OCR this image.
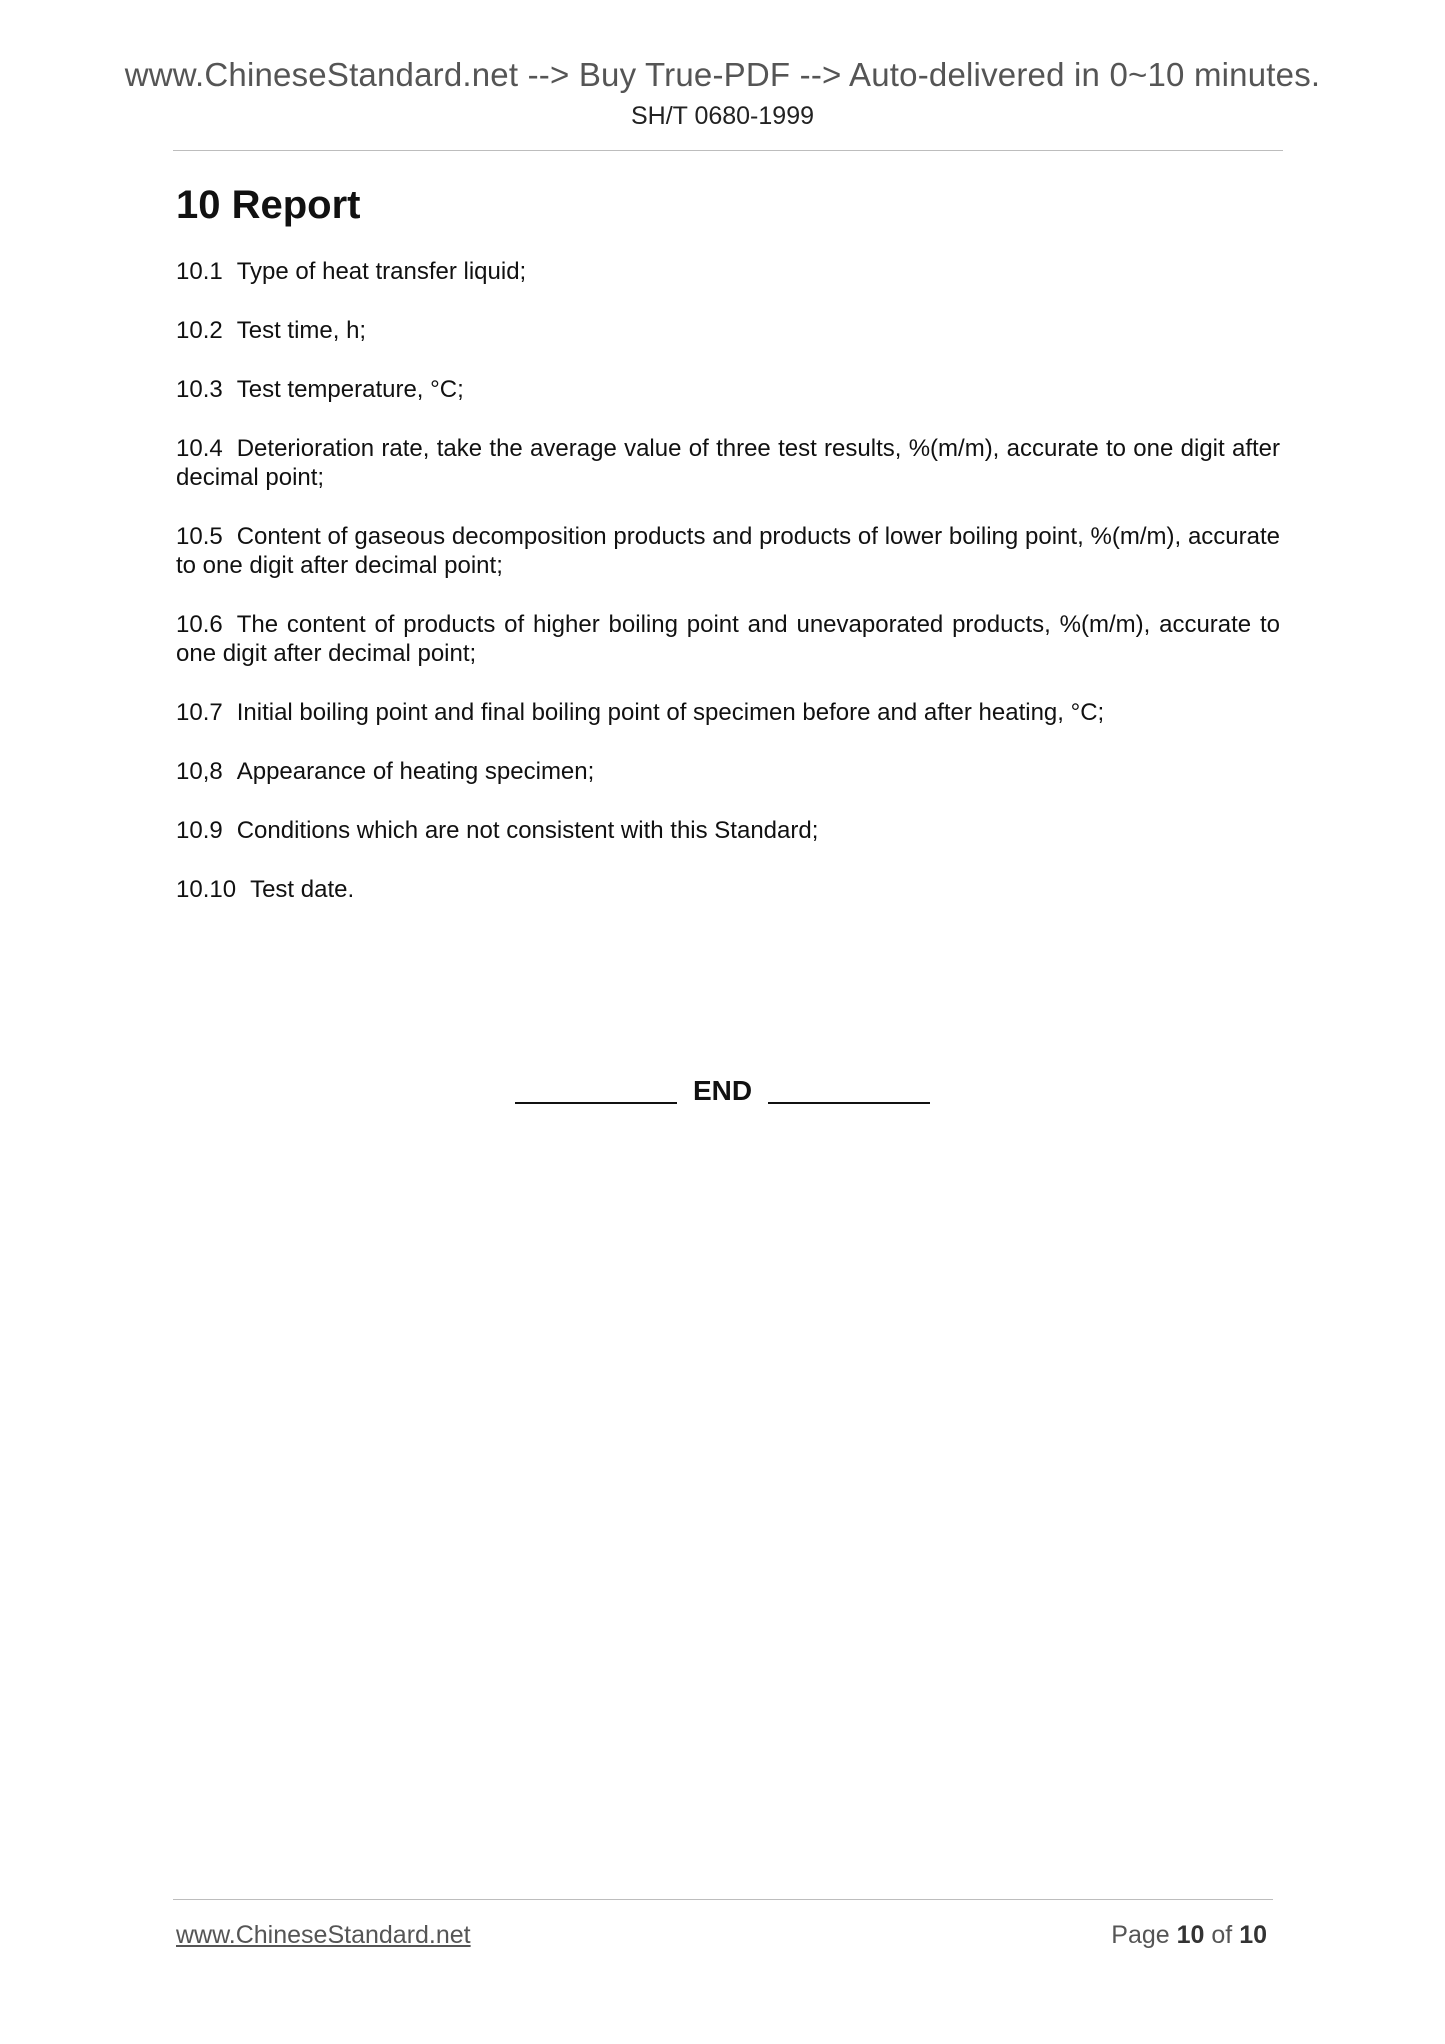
www.ChineseStandard.net --> Buy True-PDF --> Auto-delivered in 0~10 minutes.
SH/T 0680-1999
10 Report
10.1 Type of heat transfer liquid;
10.2 Test time, h;
10.3 Test temperature, °C;
10.4 Deterioration rate, take the average value of three test results, %(m/m), accurate to one digit after decimal point;
10.5 Content of gaseous decomposition products and products of lower boiling point, %(m/m), accurate to one digit after decimal point;
10.6 The content of products of higher boiling point and unevaporated products, %(m/m), accurate to one digit after decimal point;
10.7 Initial boiling point and final boiling point of specimen before and after heating, °C;
10,8 Appearance of heating specimen;
10.9 Conditions which are not consistent with this Standard;
10.10 Test date.
END
www.ChineseStandard.net	Page 10 of 10
